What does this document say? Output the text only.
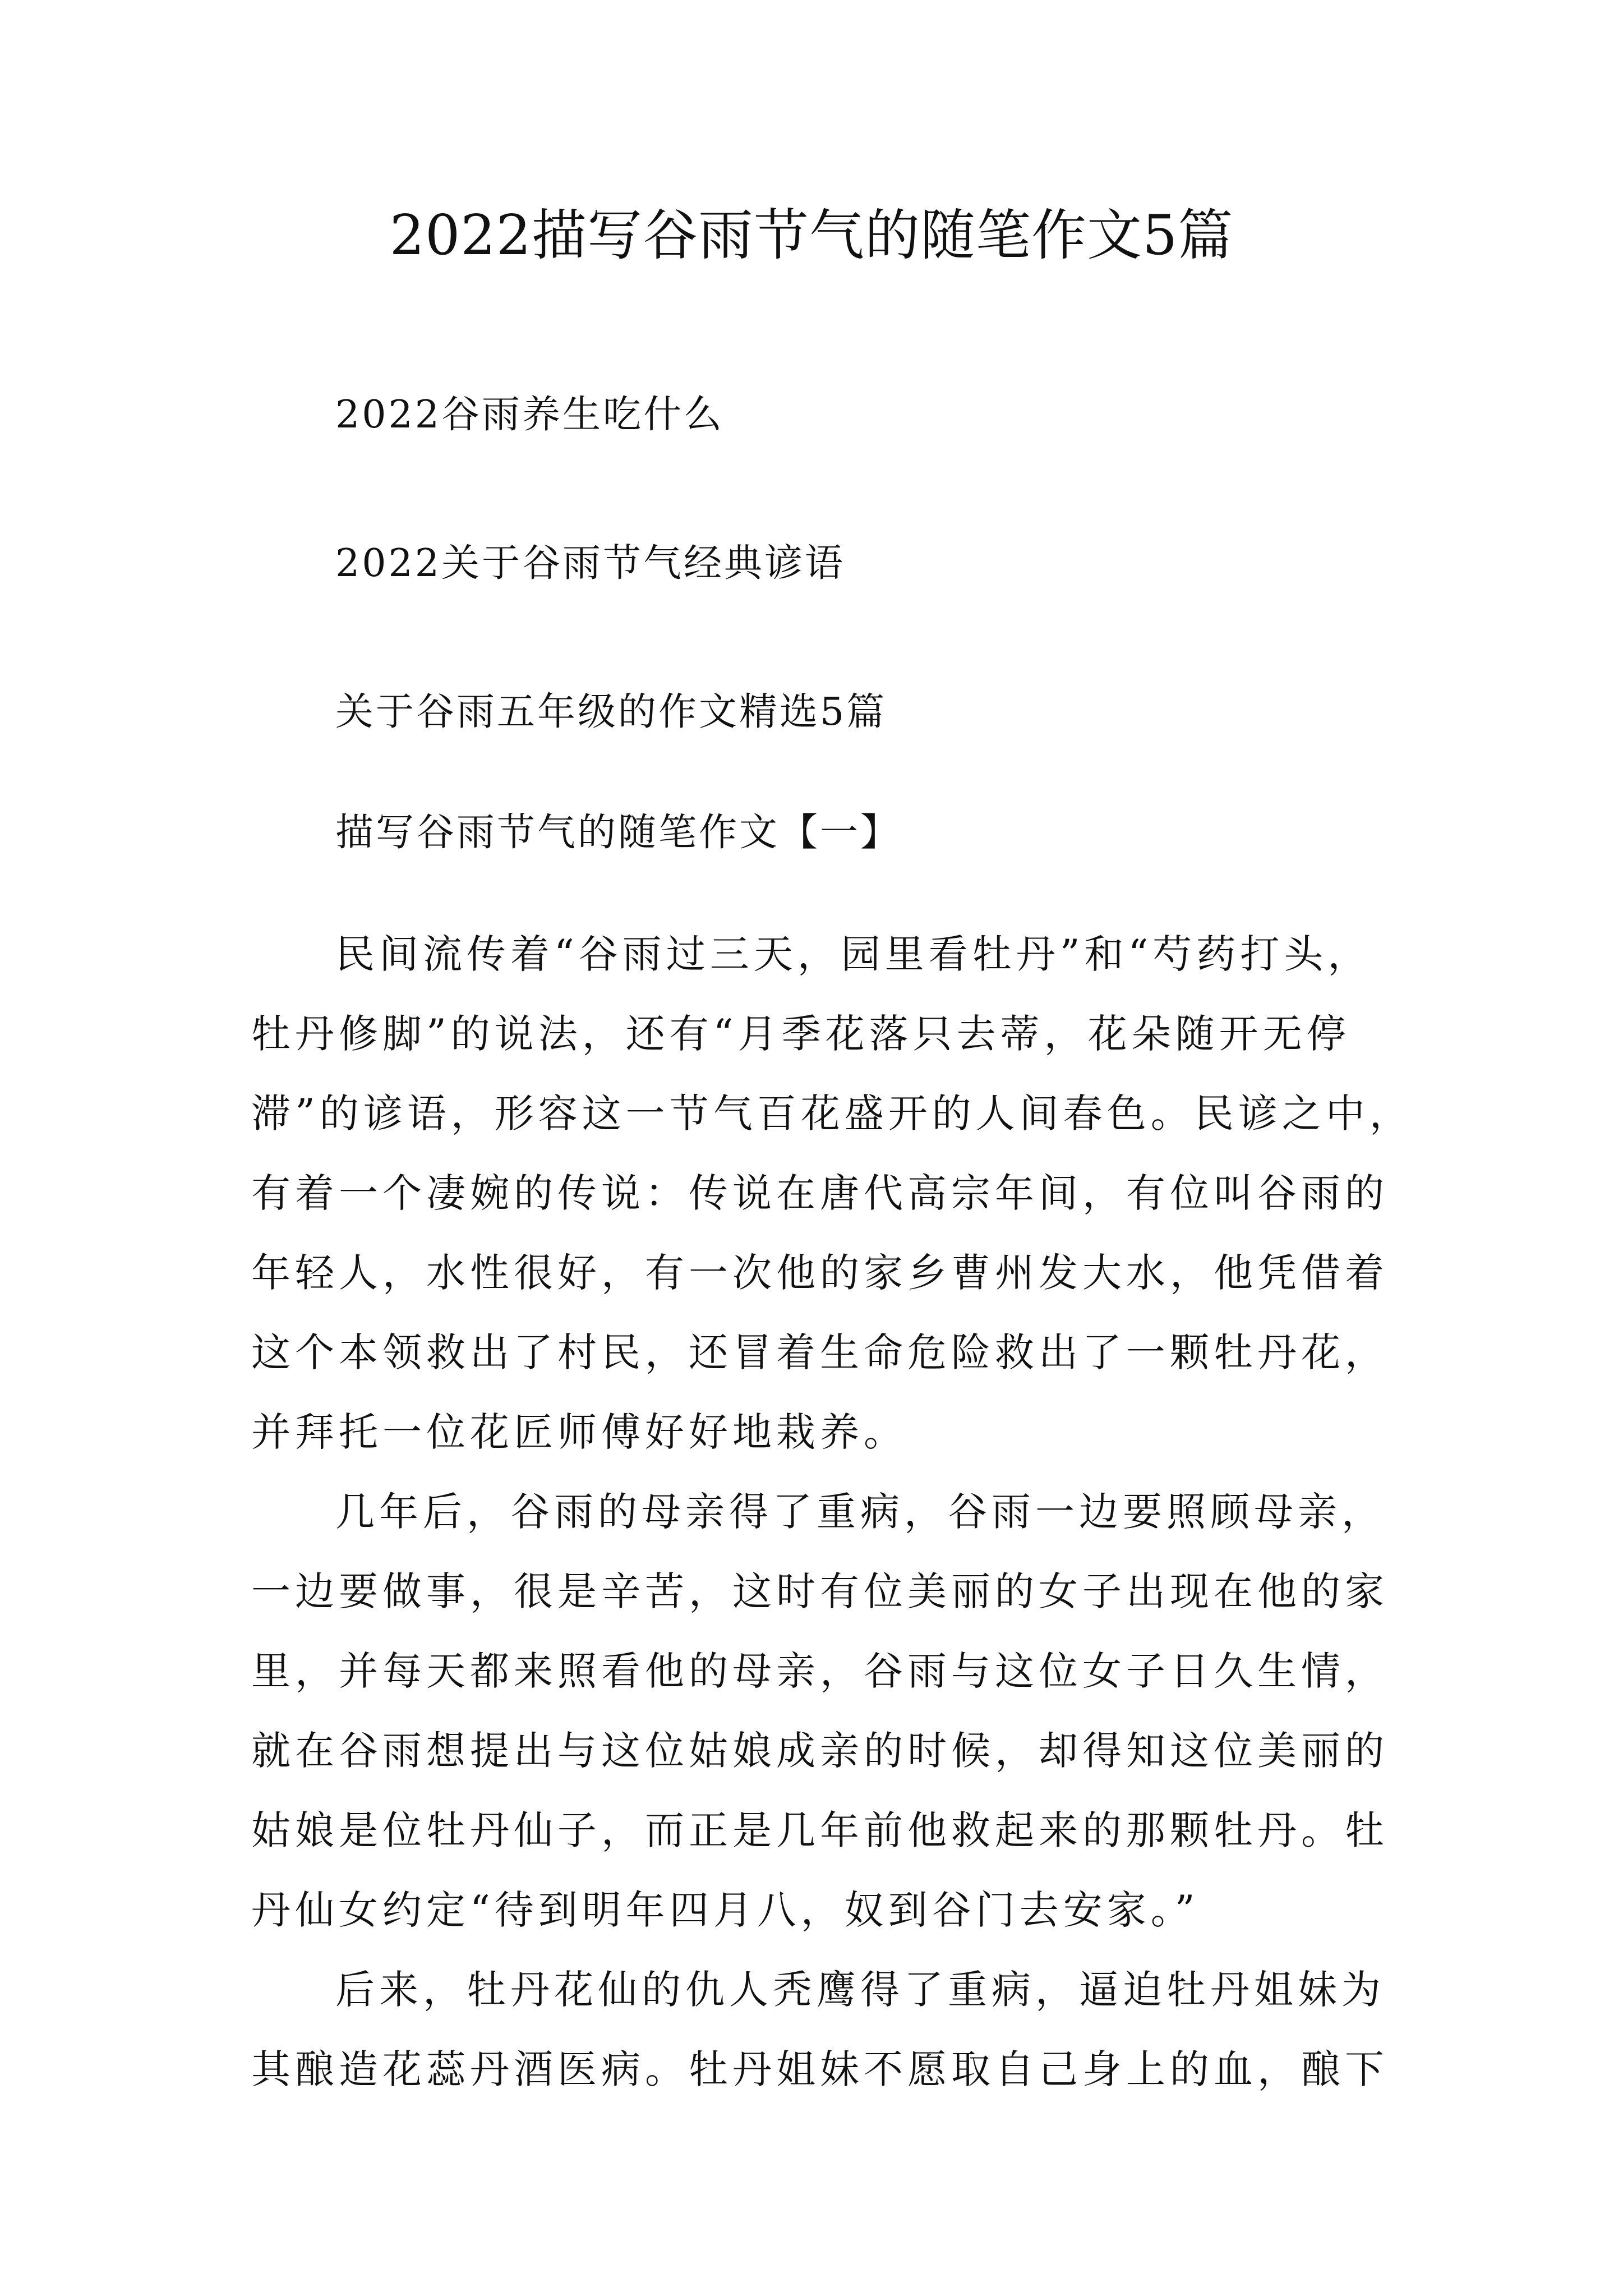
2022描写谷雨节气的随笔作文5篇
2022谷雨养生吃什么
2022关于谷雨节气经典谚语
关于谷雨五年级的作文精选5篇
描写谷雨节气的随笔作文【一】
民间流传着“谷雨过三天，园里看牡丹”和“芍药打头，
牡丹修脚”的说法，还有“月季花落只去蒂，花朵随开无停
滞”的谚语，形容这一节气百花盛开的人间春色。民谚之中，
有着一个凄婉的传说：传说在唐代高宗年间，有位叫谷雨的
年轻人，水性很好，有一次他的家乡曹州发大水，他凭借着
这个本领救出了村民，还冒着生命危险救出了一颗牡丹花，
并拜托一位花匠师傅好好地栽养。
几年后，谷雨的母亲得了重病，谷雨一边要照顾母亲，
一边要做事，很是辛苦，这时有位美丽的女子出现在他的家
里，并每天都来照看他的母亲，谷雨与这位女子日久生情，
就在谷雨想提出与这位姑娘成亲的时候，却得知这位美丽的
姑娘是位牡丹仙子，而正是几年前他救起来的那颗牡丹。牡
丹仙女约定“待到明年四月八，奴到谷门去安家。”
后来，牡丹花仙的仇人秃鹰得了重病，逼迫牡丹姐妹为
其酿造花蕊丹酒医病。牡丹姐妹不愿取自己身上的血，酿下
